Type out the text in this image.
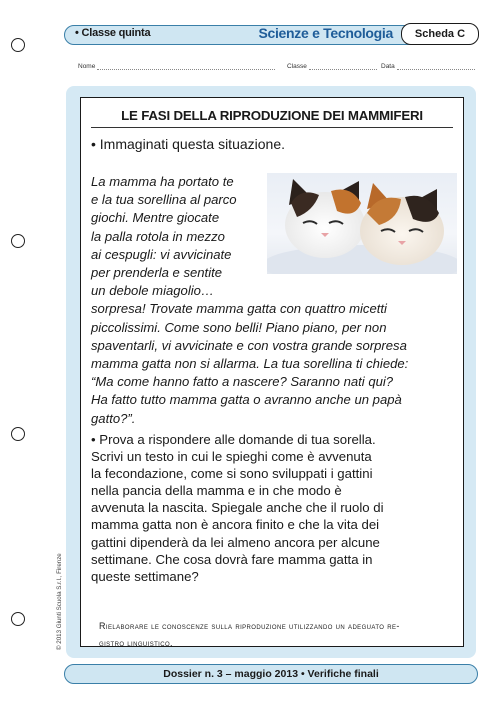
• Classe quinta	Scienze e Tecnologia	Scheda C
Nome	Classe	Data
LE FASI DELLA RIPRODUZIONE DEI MAMMIFERI
• Immaginati questa situazione.
La mamma ha portato te
e la tua sorellina al parco
giochi. Mentre giocate
la palla rotola in mezzo
ai cespugli: vi avvicinate
per prenderla e sentite
un debole miagolio…
sorpresa! Trovate mamma gatta con quattro micetti
piccolissimi. Come sono belli! Piano piano, per non
spaventarli, vi avvicinate e con vostra grande sorpresa
mamma gatta non si allarma. La tua sorellina ti chiede:
“Ma come hanno fatto a nascere? Saranno nati qui?
Ha fatto tutto mamma gatta o avranno anche un papà
gatto?”.
• Prova a rispondere alle domande di tua sorella.
Scrivi un testo in cui le spieghi come è avvenuta
la fecondazione, come si sono sviluppati i gattini
nella pancia della mamma e in che modo è
avvenuta la nascita. Spiegale anche che il ruolo di
mamma gatta non è ancora finito e che la vita dei
gattini dipenderà da lei almeno ancora per alcune
settimane. Che cosa dovrà fare mamma gatta in
queste settimane?
Rielaborare le conoscenze sulla riproduzione utilizzando un adeguato re-
gistro linguistico.
© 2013 Giunti Scuola S.r.l., Firenze
Dossier n. 3 – maggio 2013 • Verifiche finali
